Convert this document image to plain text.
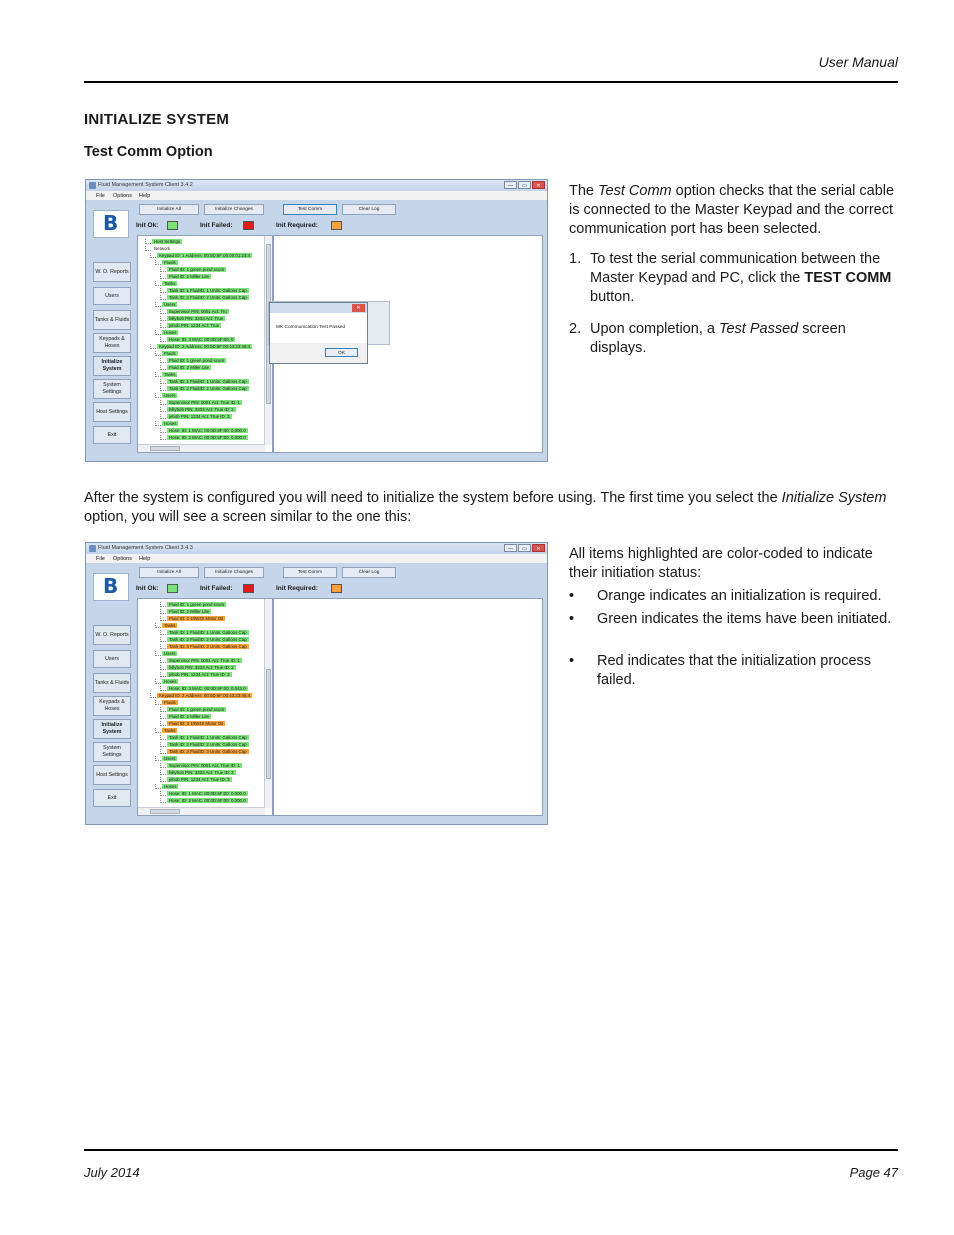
User Manual
INITIALIZE SYSTEM
Test Comm Option
The Test Comm option checks that the serial cable is connected to the Master Keypad and the correct communication port has been selected.
1. To test the serial communication between the Master Keypad and PC, click the TEST COMM button.
2. Upon completion, a Test Passed screen displays.
Fluid Management System Client 3.4.2	—	▭	✕
File Options Help
B
Initialize All	Initialize Changes	Test Comm	Clear Log
Init Ok:	Init Failed:	Init Required:
W. O. Reports
Users
Tanks & Fluids
Keypads & Hoses
Initialize System
System Settings
Host Settings
Exit	Hose: ID: 2 MAC: 00:0D:6F:00: 0.000.0
Hose: ID: 1 MAC: 00:0D:6F:00: 0.000.0
Hoses
jebob PIN: 1234 Act: True ID: 3
billybob PIN: 3333 Act: True ID: 2
Supervisor PIN: 0001 Act: True ID: 1
Users
Tank ID: 2 FluidID: 2 Units: Gallons Cap
Tank ID: 1 FluidID: 1 Units: Gallons Cap
Tanks
Fluid ID: 2 Miller Lite
Fluid ID: 1 green pond scum
Fluids
Keypad ID: 2 Address: 00:0D:6F:00:43:23:46:4
Hose: ID: 3 MAC: 00:0D:6F:00: 0
Hoses
jebob PIN: 1234 Act: True
billybob PIN: 3333 Act: True
Supervisor PIN: 0001 Act: Tru
Users
Tank ID: 2 FluidID: 2 Units: Gallons Cap
Tank ID: 1 FluidID: 1 Units: Gallons Cap
Tanks
Fluid ID: 2 Miller Lite
Fluid ID: 1 green pond scum
Fluids
Keypad ID: 1 Address: 00:0D:6F:00:00:01:23:4
Network
Host Settings
✕
MK Communication Test Passed
OK
After the system is configured you will need to initialize the system before using. The first time you select the Initialize System option, you will see a screen similar to the one this:
Fluid Management System Client 3.4.3	—	▭	✕
File Options Help
B
Initialize All	Initialize Changes	Test Comm	Clear Log
Init Ok:	Init Failed:	Init Required:
W. O. Reports
Users
Tanks & Fluids
Keypads & Hoses
Initialize System
System Settings
Host Settings
Exit	Hose: ID: 2 MAC: 00:0D:6F:00: 0.000.0
Hose: ID: 1 MAC: 00:0D:6F:00: 0.000.0
Hoses
jebob PIN: 1234 Act: True ID: 3
billybob PIN: 3333 Act: True ID: 2
Supervisor PIN: 0001 Act: True ID: 1
Users
Tank ID: 3 FluidID: 3 Units: Gallons Cap
Tank ID: 2 FluidID: 2 Units: Gallons Cap
Tank ID: 1 FluidID: 1 Units: Gallons Cap
Tanks
Fluid ID: 3 10W40 Motor Oil
Fluid ID: 2 Miller Lite
Fluid ID: 1 green pond scum
Fluids
Keypad ID: 2 Address: 00:0D:6F:00:43:23:46:4
Hose: ID: 3 MAC: 00:0D:6F:00: 0.043.0
Hoses
jebob PIN: 1234 Act: True ID: 3
billybob PIN: 3333 Act: True ID: 2
Supervisor PIN: 0001 Act: True ID: 1
Users
Tank ID: 3 FluidID: 3 Units: Gallons Cap
Tank ID: 2 FluidID: 2 Units: Gallons Cap
Tank ID: 1 FluidID: 1 Units: Gallons Cap
Tanks
Fluid ID: 3 10W40 Motor Oil
Fluid ID: 2 Miller Lite
Fluid ID: 1 green pond scum
All items highlighted are color-coded to indicate their initiation status:
• Orange indicates an initialization is required.
• Green indicates the items have been initiated.
• Red indicates that the initialization process failed.
July 2014	Page 47
